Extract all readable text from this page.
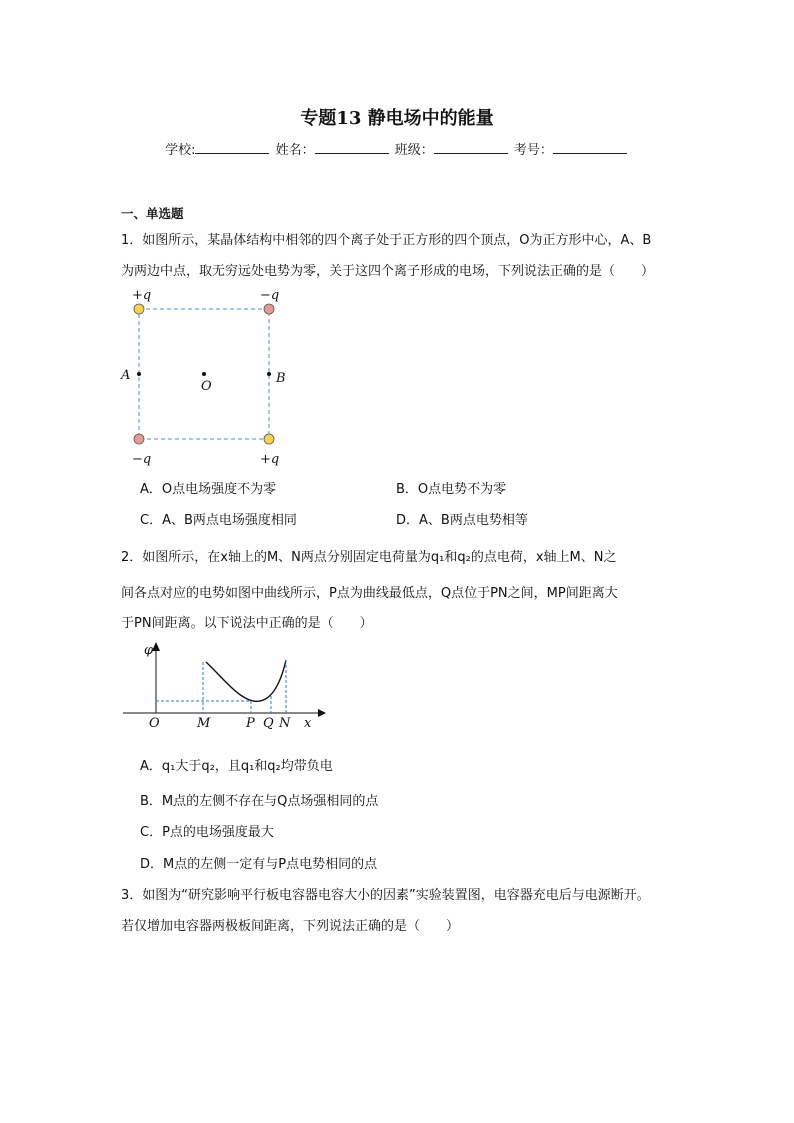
专题13 静电场中的能量
学校:	姓名：	班级：	考号：
一、单选题
1．如图所示，某晶体结构中相邻的四个离子处于正方形的四个顶点，O为正方形中心，A、B
为两边中点，取无穷远处电势为零，关于这四个离子形成的电场，下列说法正确的是（　　）
+q	−q
−q	+q
A
O
B
A．O点电场强度不为零	B．O点电势不为零
C．A、B两点电场强度相同	D．A、B两点电势相等
2．如图所示，在x轴上的M、N两点分别固定电荷量为q₁和q₂的点电荷，x轴上M、N之
间各点对应的电势如图中曲线所示，P点为曲线最低点，Q点位于PN之间，MP间距离大
于PN间距离。以下说法中正确的是（　　）
φ
O	M	P Q N x
A．q₁大于q₂，且q₁和q₂均带负电
B．M点的左侧不存在与Q点场强相同的点
C．P点的电场强度最大
D．M点的左侧一定有与P点电势相同的点
3．如图为“研究影响平行板电容器电容大小的因素”实验装置图，电容器充电后与电源断开。
若仅增加电容器两极板间距离，下列说法正确的是（　　）
